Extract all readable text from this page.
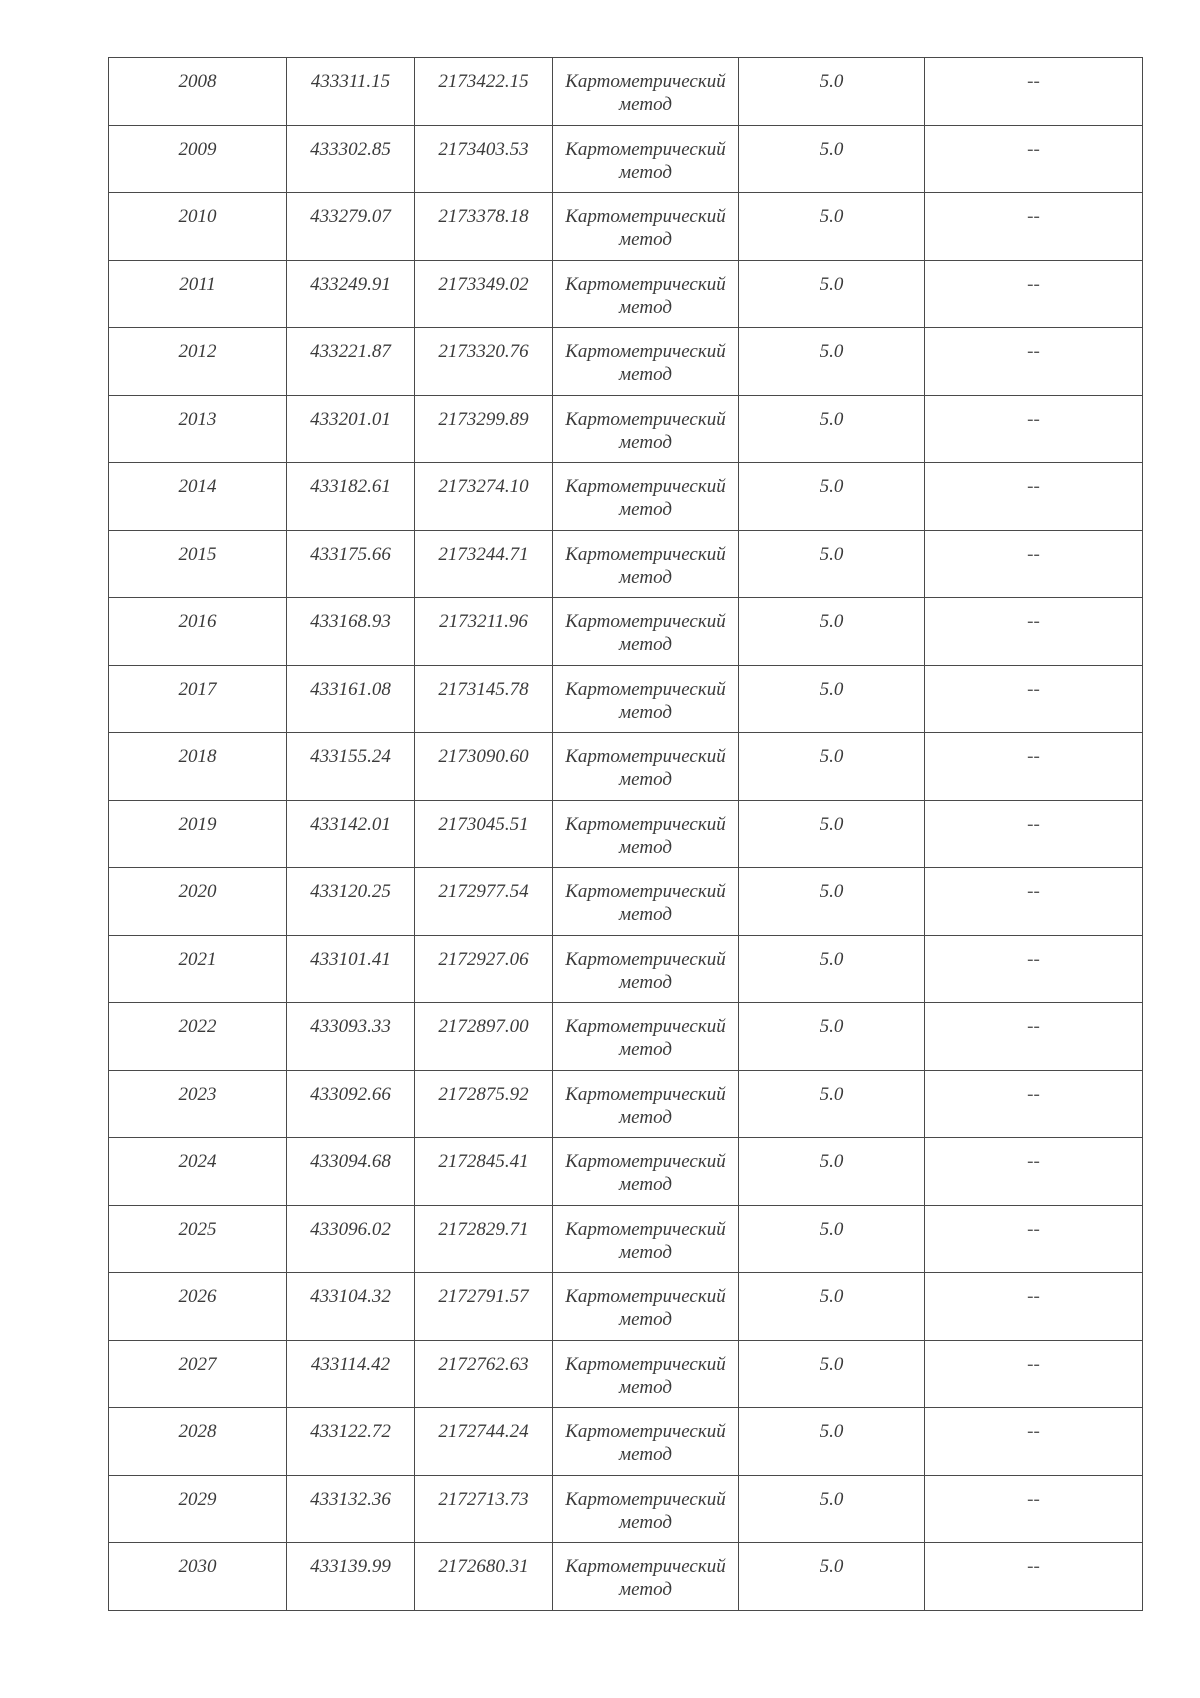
2008	433311.15	2173422.15	Картометрический метод	5.0	--
2009	433302.85	2173403.53	Картометрический метод	5.0	--
2010	433279.07	2173378.18	Картометрический метод	5.0	--
2011	433249.91	2173349.02	Картометрический метод	5.0	--
2012	433221.87	2173320.76	Картометрический метод	5.0	--
2013	433201.01	2173299.89	Картометрический метод	5.0	--
2014	433182.61	2173274.10	Картометрический метод	5.0	--
2015	433175.66	2173244.71	Картометрический метод	5.0	--
2016	433168.93	2173211.96	Картометрический метод	5.0	--
2017	433161.08	2173145.78	Картометрический метод	5.0	--
2018	433155.24	2173090.60	Картометрический метод	5.0	--
2019	433142.01	2173045.51	Картометрический метод	5.0	--
2020	433120.25	2172977.54	Картометрический метод	5.0	--
2021	433101.41	2172927.06	Картометрический метод	5.0	--
2022	433093.33	2172897.00	Картометрический метод	5.0	--
2023	433092.66	2172875.92	Картометрический метод	5.0	--
2024	433094.68	2172845.41	Картометрический метод	5.0	--
2025	433096.02	2172829.71	Картометрический метод	5.0	--
2026	433104.32	2172791.57	Картометрический метод	5.0	--
2027	433114.42	2172762.63	Картометрический метод	5.0	--
2028	433122.72	2172744.24	Картометрический метод	5.0	--
2029	433132.36	2172713.73	Картометрический метод	5.0	--
2030	433139.99	2172680.31	Картометрический метод	5.0	--
